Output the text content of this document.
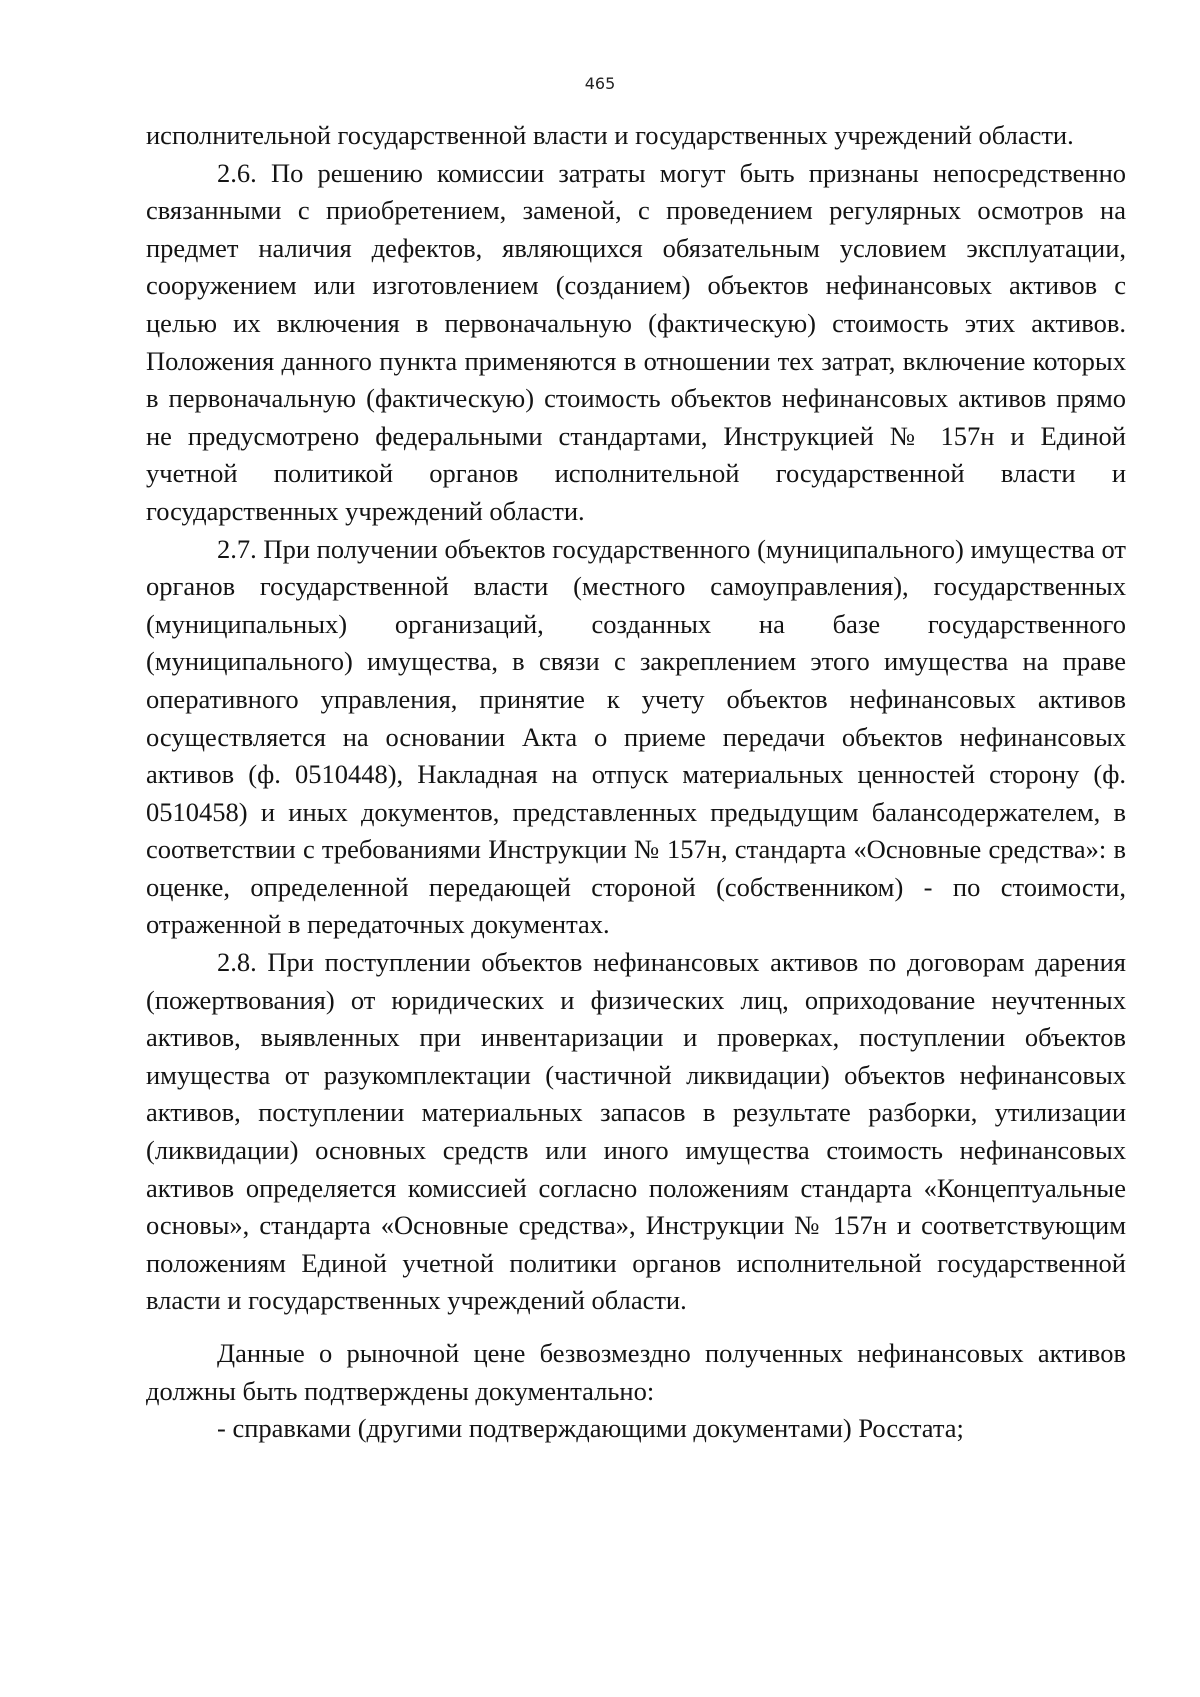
465

исполнительной государственной власти и государственных учреждений области.

2.6. По решению комиссии затраты могут быть признаны непосредственно связанными с приобретением, заменой, с проведением регулярных осмотров на предмет наличия дефектов, являющихся обязательным условием эксплуатации, сооружением или изготовлением (созданием) объектов нефинансовых активов с целью их включения в первоначальную (фактическую) стоимость этих активов. Положения данного пункта применяются в отношении тех затрат, включение которых в первоначальную (фактическую) стоимость объектов нефинансовых активов прямо не предусмотрено федеральными стандартами, Инструкцией № 157н и Единой учетной политикой органов исполнительной государственной власти и государственных учреждений области.

2.7. При получении объектов государственного (муниципального) имущества от органов государственной власти (местного самоуправления), государственных (муниципальных) организаций, созданных на базе государственного (муниципального) имущества, в связи с закреплением этого имущества на праве оперативного управления, принятие к учету объектов нефинансовых активов осуществляется на основании Акта о приеме передачи объектов нефинансовых активов (ф. 0510448), Накладная на отпуск материальных ценностей сторону (ф. 0510458) и иных документов, представленных предыдущим балансодержателем, в соответствии с требованиями Инструкции № 157н, стандарта «Основные средства»: в оценке, определенной передающей стороной (собственником) - по стоимости, отраженной в передаточных документах.

2.8. При поступлении объектов нефинансовых активов по договорам дарения (пожертвования) от юридических и физических лиц, оприходование неучтенных активов, выявленных при инвентаризации и проверках, поступлении объектов имущества от разукомплектации (частичной ликвидации) объектов нефинансовых активов, поступлении материальных запасов в результате разборки, утилизации (ликвидации) основных средств или иного имущества стоимость нефинансовых активов определяется комиссией согласно положениям стандарта «Концептуальные основы», стандарта «Основные средства», Инструкции № 157н и соответствующим положениям Единой учетной политики органов исполнительной государственной власти и государственных учреждений области.

Данные о рыночной цене безвозмездно полученных нефинансовых активов должны быть подтверждены документально:

- справками (другими подтверждающими документами) Росстата;
